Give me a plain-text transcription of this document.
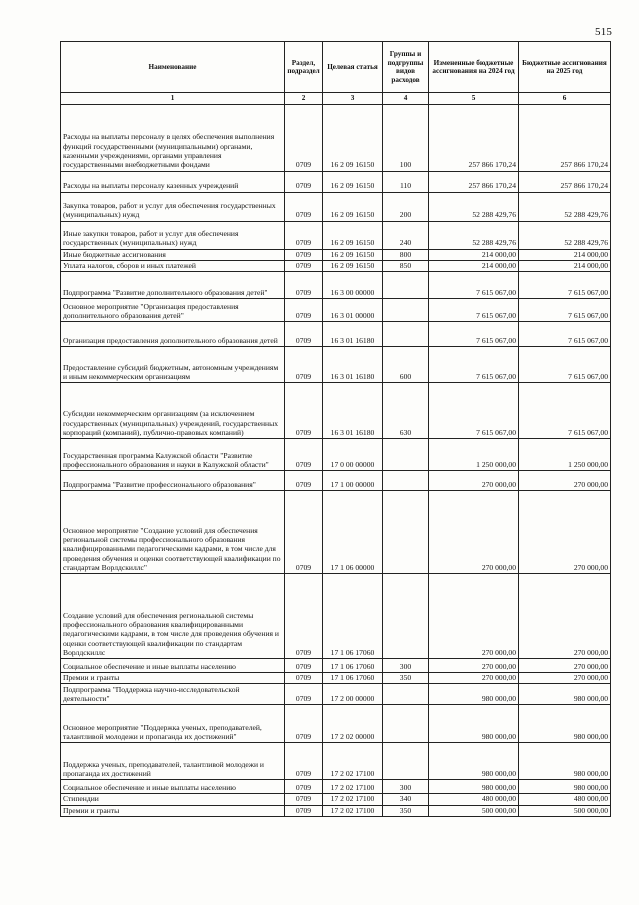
515
Наименование	Раздел, подраздел	Целевая статья	Группы и подгруппы видов расходов	Измененные бюджетные ассигнования на 2024 год	Бюджетные ассигнования на 2025 год
1	2	3	4	5	6
Расходы на выплаты персоналу в целях обеспечения выполнения функций государственными (муниципальными) органами, казенными учреждениями, органами управления государственными внебюджетными фондами	0709	16 2 09 16150	100	257 866 170,24	257 866 170,24
Расходы на выплаты персоналу казенных учреждений	0709	16 2 09 16150	110	257 866 170,24	257 866 170,24
Закупка товаров, работ и услуг для обеспечения государственных (муниципальных) нужд	0709	16 2 09 16150	200	52 288 429,76	52 288 429,76
Иные закупки товаров, работ и услуг для обеспечения государственных (муниципальных) нужд	0709	16 2 09 16150	240	52 288 429,76	52 288 429,76
Иные бюджетные ассигнования	0709	16 2 09 16150	800	214 000,00	214 000,00
Уплата налогов, сборов и иных платежей	0709	16 2 09 16150	850	214 000,00	214 000,00
Подпрограмма "Развитие дополнительного образования детей"	0709	16 3 00 00000		7 615 067,00	7 615 067,00
Основное мероприятие "Организация предоставления дополнительного образования детей"	0709	16 3 01 00000		7 615 067,00	7 615 067,00
Организация предоставления дополнительного образования детей	0709	16 3 01 16180		7 615 067,00	7 615 067,00
Предоставление субсидий бюджетным, автономным учреждениям и иным некоммерческим организациям	0709	16 3 01 16180	600	7 615 067,00	7 615 067,00
Субсидии некоммерческим организациям (за исключением государственных (муниципальных) учреждений, государственных корпораций (компаний), публично-правовых компаний)	0709	16 3 01 16180	630	7 615 067,00	7 615 067,00
Государственная программа Калужской области "Развитие профессионального образования и науки в Калужской области"	0709	17 0 00 00000		1 250 000,00	1 250 000,00
Подпрограмма "Развитие профессионального образования"	0709	17 1 00 00000		270 000,00	270 000,00
Основное мероприятие "Создание условий для обеспечения региональной системы профессионального образования квалифицированными педагогическими кадрами, в том числе для проведения обучения и оценки соответствующей квалификации по стандартам Ворлдскиллс"	0709	17 1 06 00000		270 000,00	270 000,00
Создание условий для обеспечения региональной системы профессионального образования квалифицированными педагогическими кадрами, в том числе для проведения обучения и оценки соответствующей квалификации по стандартам Ворлдскиллс	0709	17 1 06 17060		270 000,00	270 000,00
Социальное обеспечение и иные выплаты населению	0709	17 1 06 17060	300	270 000,00	270 000,00
Премии и гранты	0709	17 1 06 17060	350	270 000,00	270 000,00
Подпрограмма "Поддержка научно-исследовательской деятельности"	0709	17 2 00 00000		980 000,00	980 000,00
Основное мероприятие "Поддержка ученых, преподавателей, талантливой молодежи и пропаганда их достижений"	0709	17 2 02 00000		980 000,00	980 000,00
Поддержка ученых, преподавателей, талантливой молодежи и пропаганда их достижений	0709	17 2 02 17100		980 000,00	980 000,00
Социальное обеспечение и иные выплаты населению	0709	17 2 02 17100	300	980 000,00	980 000,00
Стипендии	0709	17 2 02 17100	340	480 000,00	480 000,00
Премии и гранты	0709	17 2 02 17100	350	500 000,00	500 000,00
